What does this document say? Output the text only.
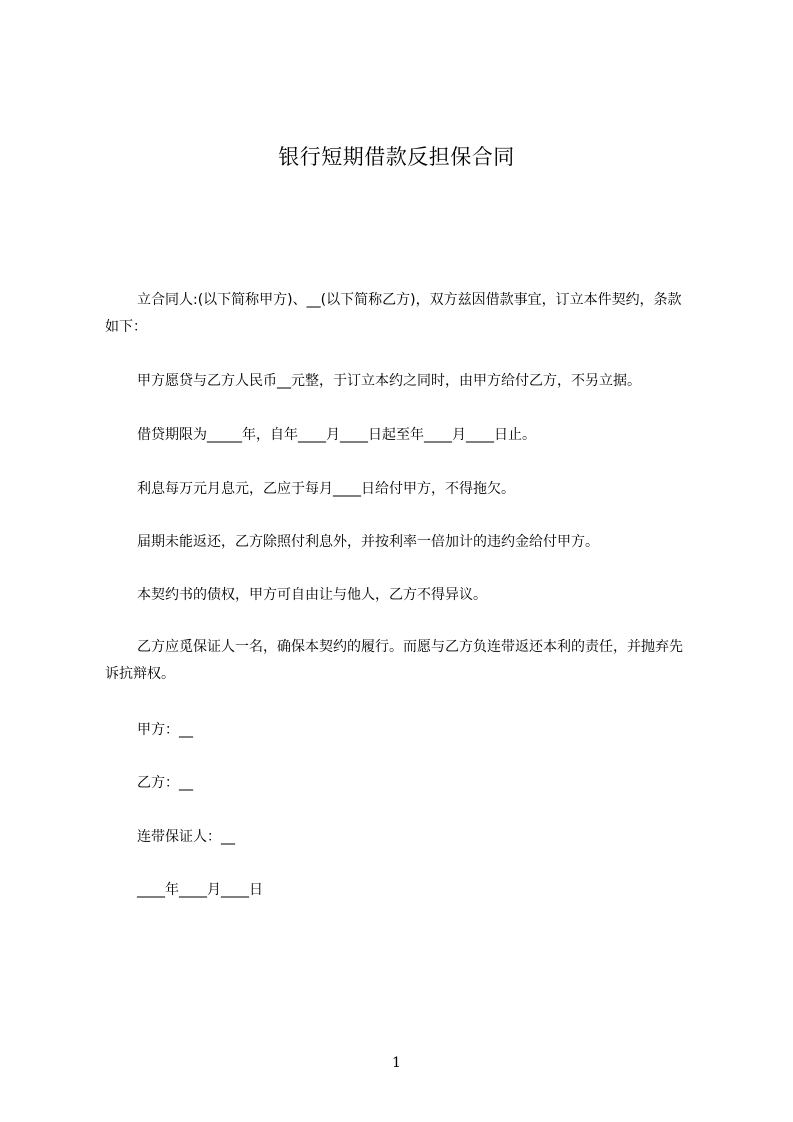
银行短期借款反担保合同
立合同人:(以下简称甲方)、__(以下简称乙方)，双方兹因借款事宜，订立本件契约，条款如下：
甲方愿贷与乙方人民币__元整，于订立本约之同时，由甲方给付乙方，不另立据。
借贷期限为_____年，自年____月____日起至年____月____日止。
利息每万元月息元，乙应于每月____日给付甲方，不得拖欠。
届期未能返还，乙方除照付利息外，并按利率一倍加计的违约金给付甲方。
本契约书的债权，甲方可自由让与他人，乙方不得异议。
乙方应觅保证人一名，确保本契约的履行。而愿与乙方负连带返还本利的责任，并抛弃先诉抗辩权。
甲方：__
乙方：__
连带保证人：__
____年____月____日
1
